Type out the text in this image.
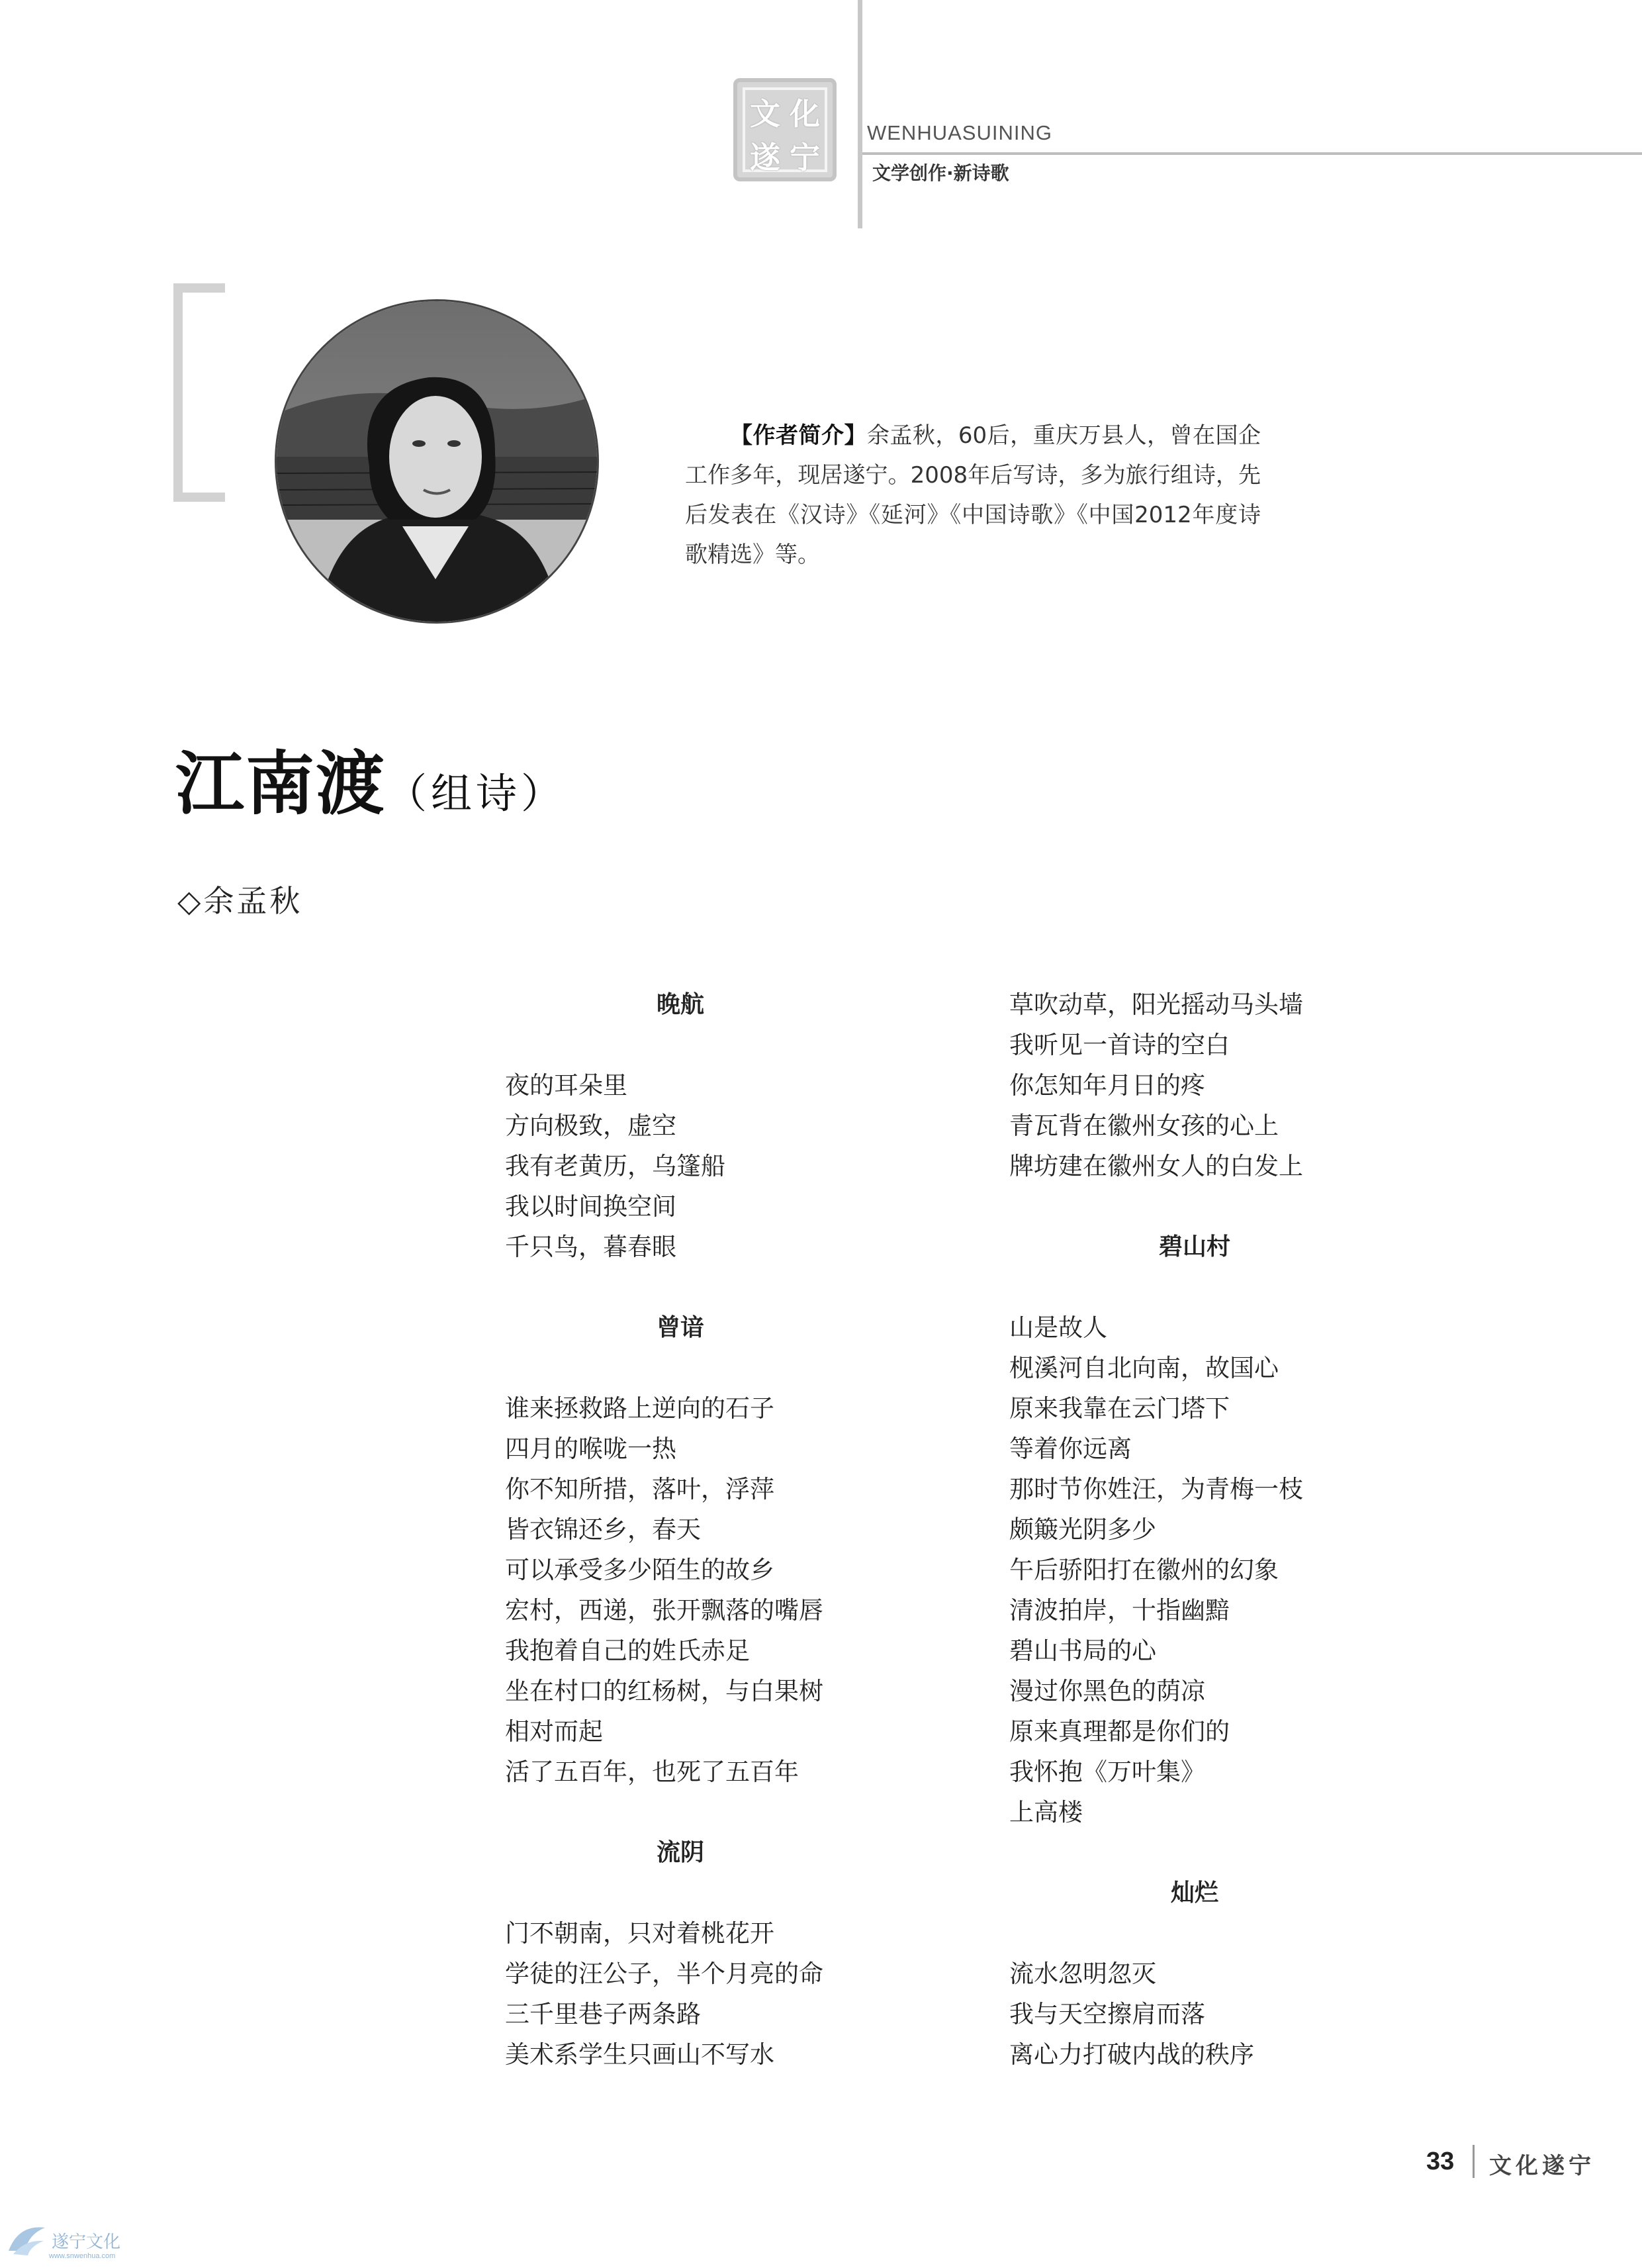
文 化
遂 宁
WENHUASUINING
文学创作·新诗歌
【作者简介】余孟秋，60后，重庆万县人，曾在国企工作多年，现居遂宁。2008年后写诗，多为旅行组诗，先后发表在《汉诗》《延河》《中国诗歌》《中国2012年度诗歌精选》等。
江南渡（组诗）
◇余孟秋
晚航
夜的耳朵里
方向极致，虚空
我有老黄历，乌篷船
我以时间换空间
千只鸟，暮春眼
曾谙
谁来拯救路上逆向的石子
四月的喉咙一热
你不知所措，落叶，浮萍
皆衣锦还乡，春天
可以承受多少陌生的故乡
宏村，西递，张开飘落的嘴唇
我抱着自己的姓氏赤足
坐在村口的红杨树，与白果树
相对而起
活了五百年，也死了五百年
流阴
门不朝南，只对着桃花开
学徒的汪公子，半个月亮的命
三千里巷子两条路
美术系学生只画山不写水
草吹动草，阳光摇动马头墙
我听见一首诗的空白
你怎知年月日的疼
青瓦背在徽州女孩的心上
牌坊建在徽州女人的白发上
碧山村
山是故人
枧溪河自北向南，故国心
原来我靠在云门塔下
等着你远离
那时节你姓汪，为青梅一枝
颇簸光阴多少
午后骄阳打在徽州的幻象
清波拍岸，十指幽黯
碧山书局的心
漫过你黑色的荫凉
原来真理都是你们的
我怀抱《万叶集》
上高楼
灿烂
流水忽明忽灭
我与天空擦肩而落
离心力打破内战的秩序
33 文化遂宁
遂宁文化
www.snwenhua.com
